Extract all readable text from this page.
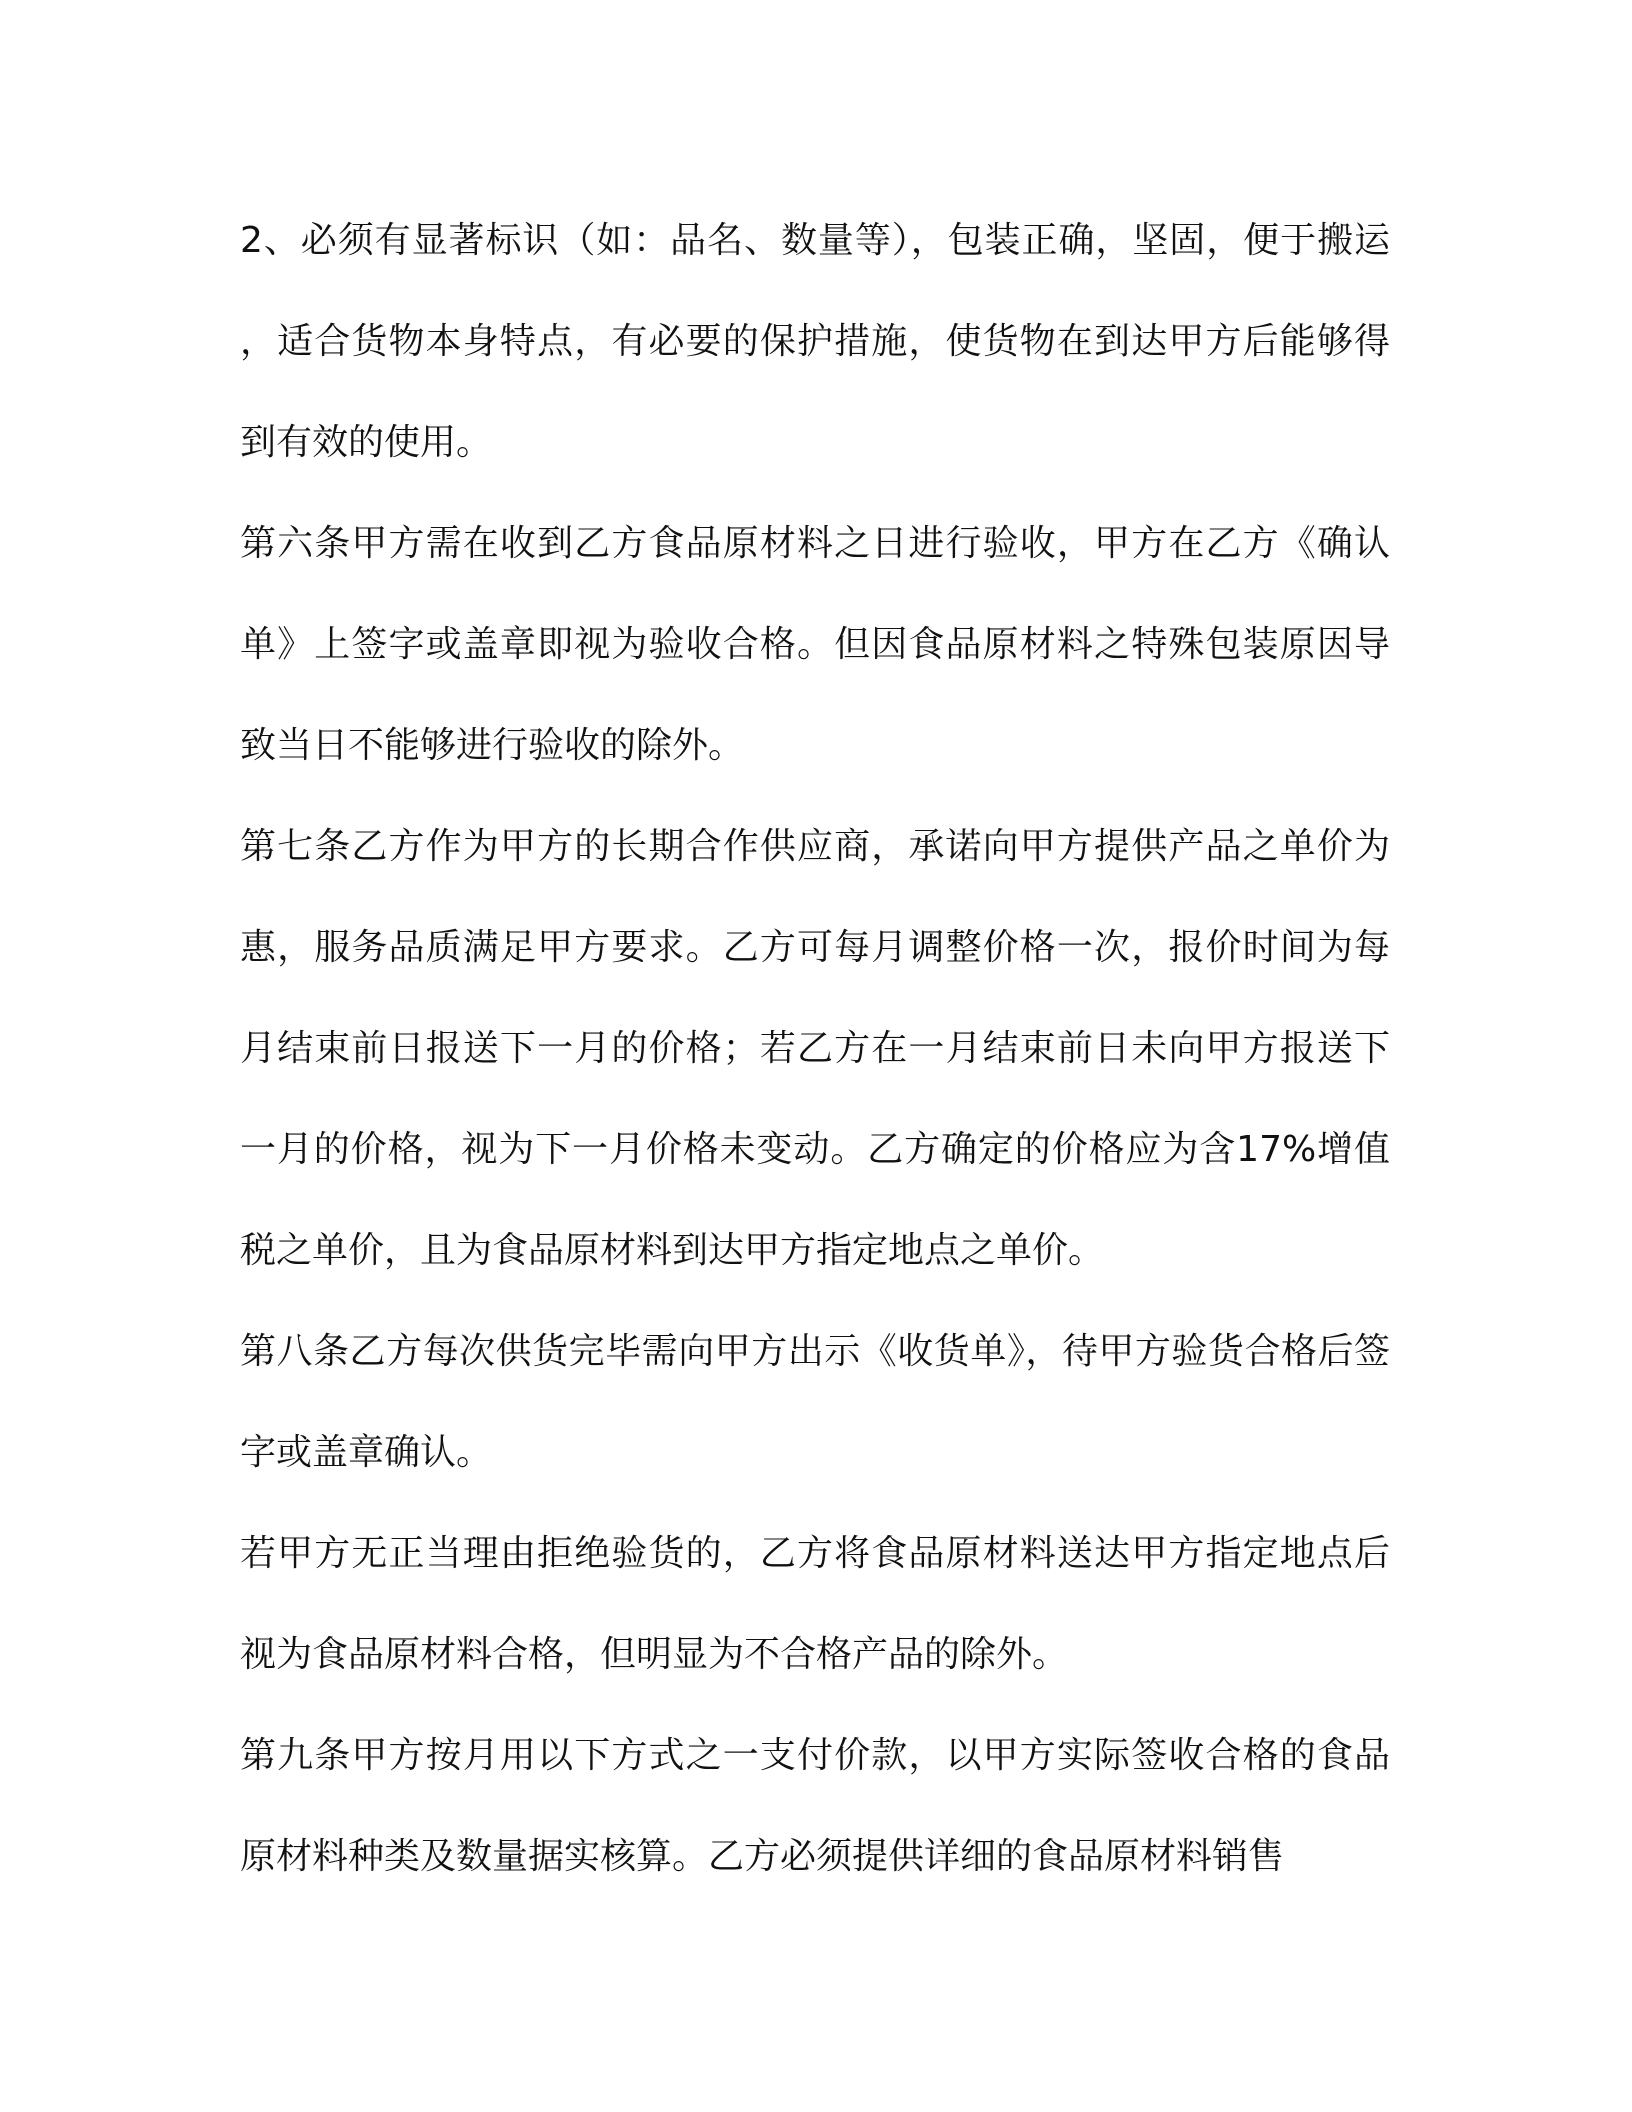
2、必须有显著标识（如：品名、数量等），包装正确，坚固，便于搬运，适合货物本身特点，有必要的保护措施，使货物在到达甲方后能够得到有效的使用。

第六条甲方需在收到乙方食品原材料之日进行验收，甲方在乙方《确认单》上签字或盖章即视为验收合格。但因食品原材料之特殊包装原因导致当日不能够进行验收的除外。

第七条乙方作为甲方的长期合作供应商，承诺向甲方提供产品之单价为惠，服务品质满足甲方要求。乙方可每月调整价格一次，报价时间为每月结束前日报送下一月的价格；若乙方在一月结束前日未向甲方报送下一月的价格，视为下一月价格未变动。乙方确定的价格应为含17%增值税之单价，且为食品原材料到达甲方指定地点之单价。

第八条乙方每次供货完毕需向甲方出示《收货单》，待甲方验货合格后签字或盖章确认。

若甲方无正当理由拒绝验货的，乙方将食品原材料送达甲方指定地点后视为食品原材料合格，但明显为不合格产品的除外。

第九条甲方按月用以下方式之一支付价款，以甲方实际签收合格的食品原材料种类及数量据实核算。乙方必须提供详细的食品原材料销售
